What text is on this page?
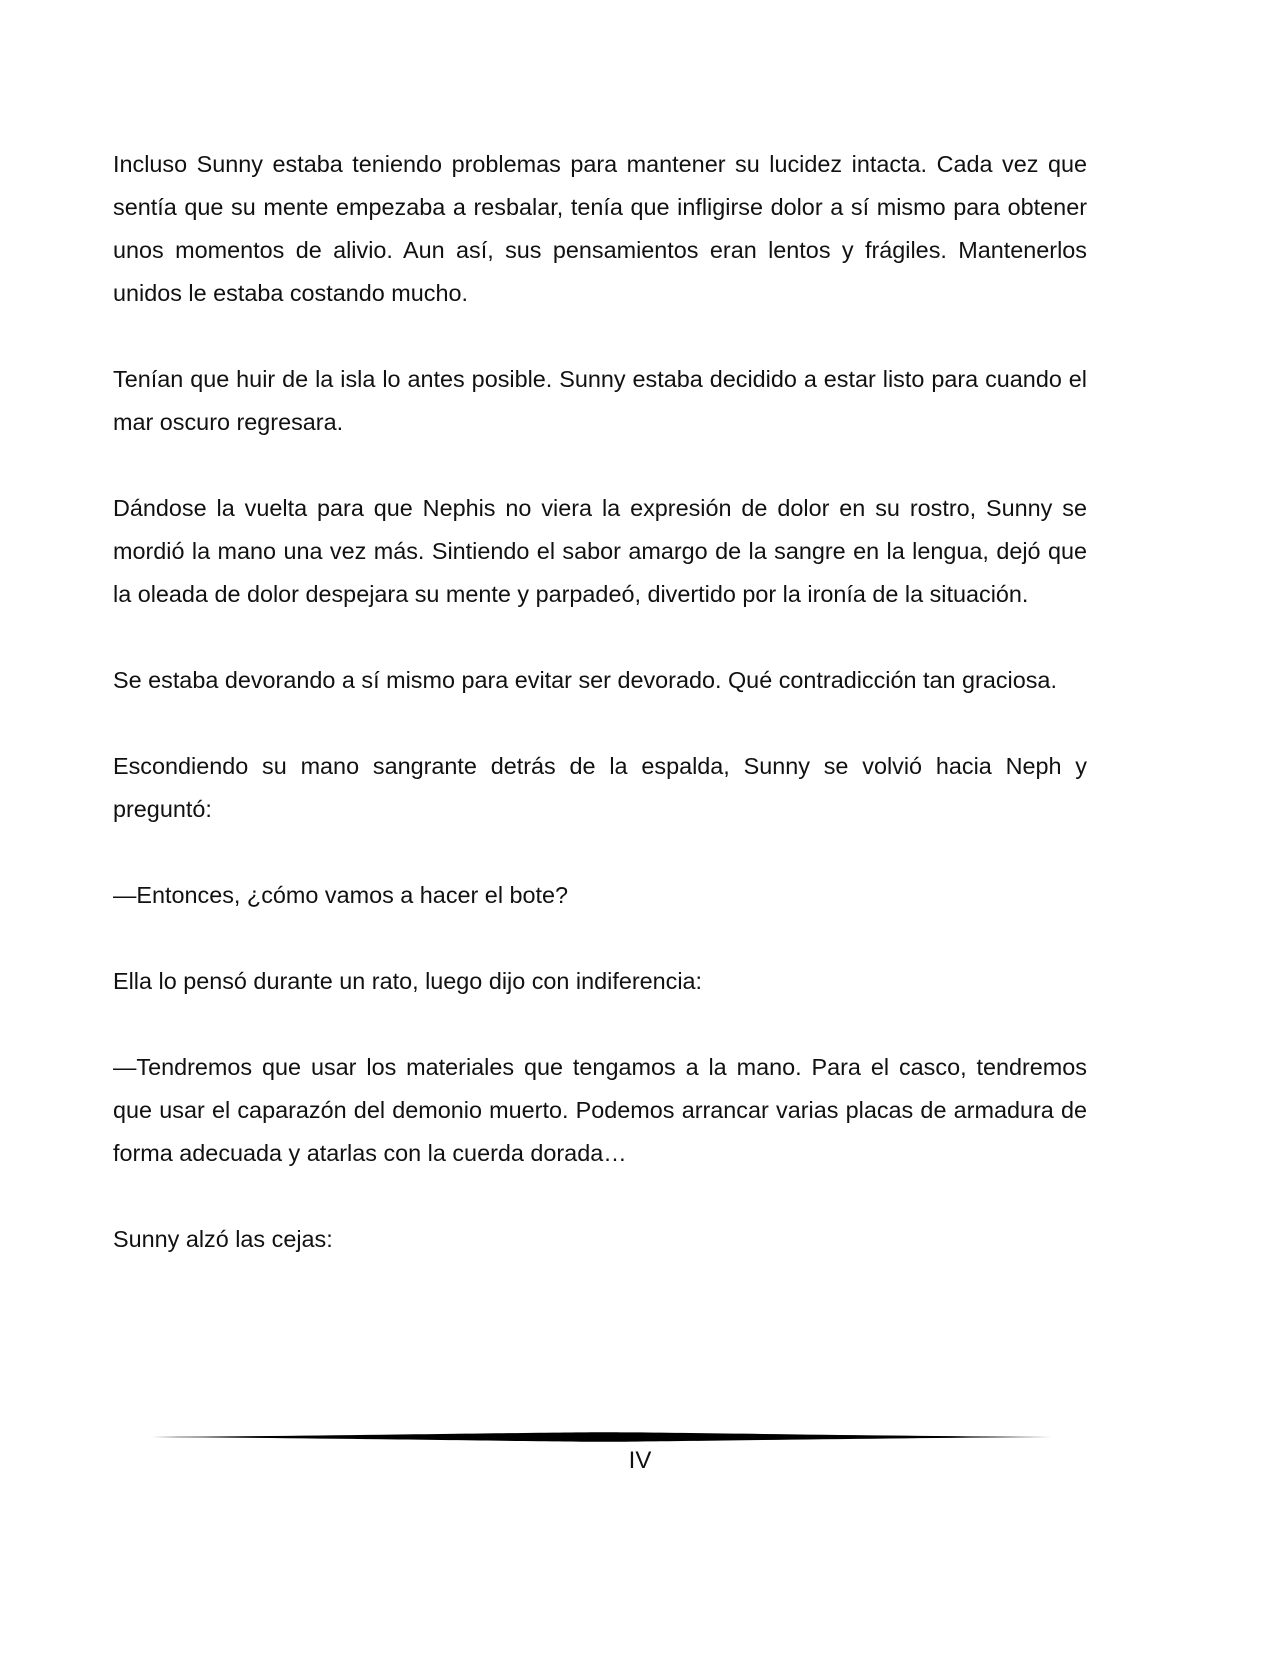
Incluso Sunny estaba teniendo problemas para mantener su lucidez intacta. Cada vez que sentía que su mente empezaba a resbalar, tenía que infligirse dolor a sí mismo para obtener unos momentos de alivio. Aun así, sus pensamientos eran lentos y frágiles. Mantenerlos unidos le estaba costando mucho.

Tenían que huir de la isla lo antes posible. Sunny estaba decidido a estar listo para cuando el mar oscuro regresara.

Dándose la vuelta para que Nephis no viera la expresión de dolor en su rostro, Sunny se mordió la mano una vez más. Sintiendo el sabor amargo de la sangre en la lengua, dejó que la oleada de dolor despejara su mente y parpadeó, divertido por la ironía de la situación.

Se estaba devorando a sí mismo para evitar ser devorado. Qué contradicción tan graciosa.

Escondiendo su mano sangrante detrás de la espalda, Sunny se volvió hacia Neph y preguntó:

—Entonces, ¿cómo vamos a hacer el bote?

Ella lo pensó durante un rato, luego dijo con indiferencia:

—Tendremos que usar los materiales que tengamos a la mano. Para el casco, tendremos que usar el caparazón del demonio muerto. Podemos arrancar varias placas de armadura de forma adecuada y atarlas con la cuerda dorada…

Sunny alzó las cejas:

IV
